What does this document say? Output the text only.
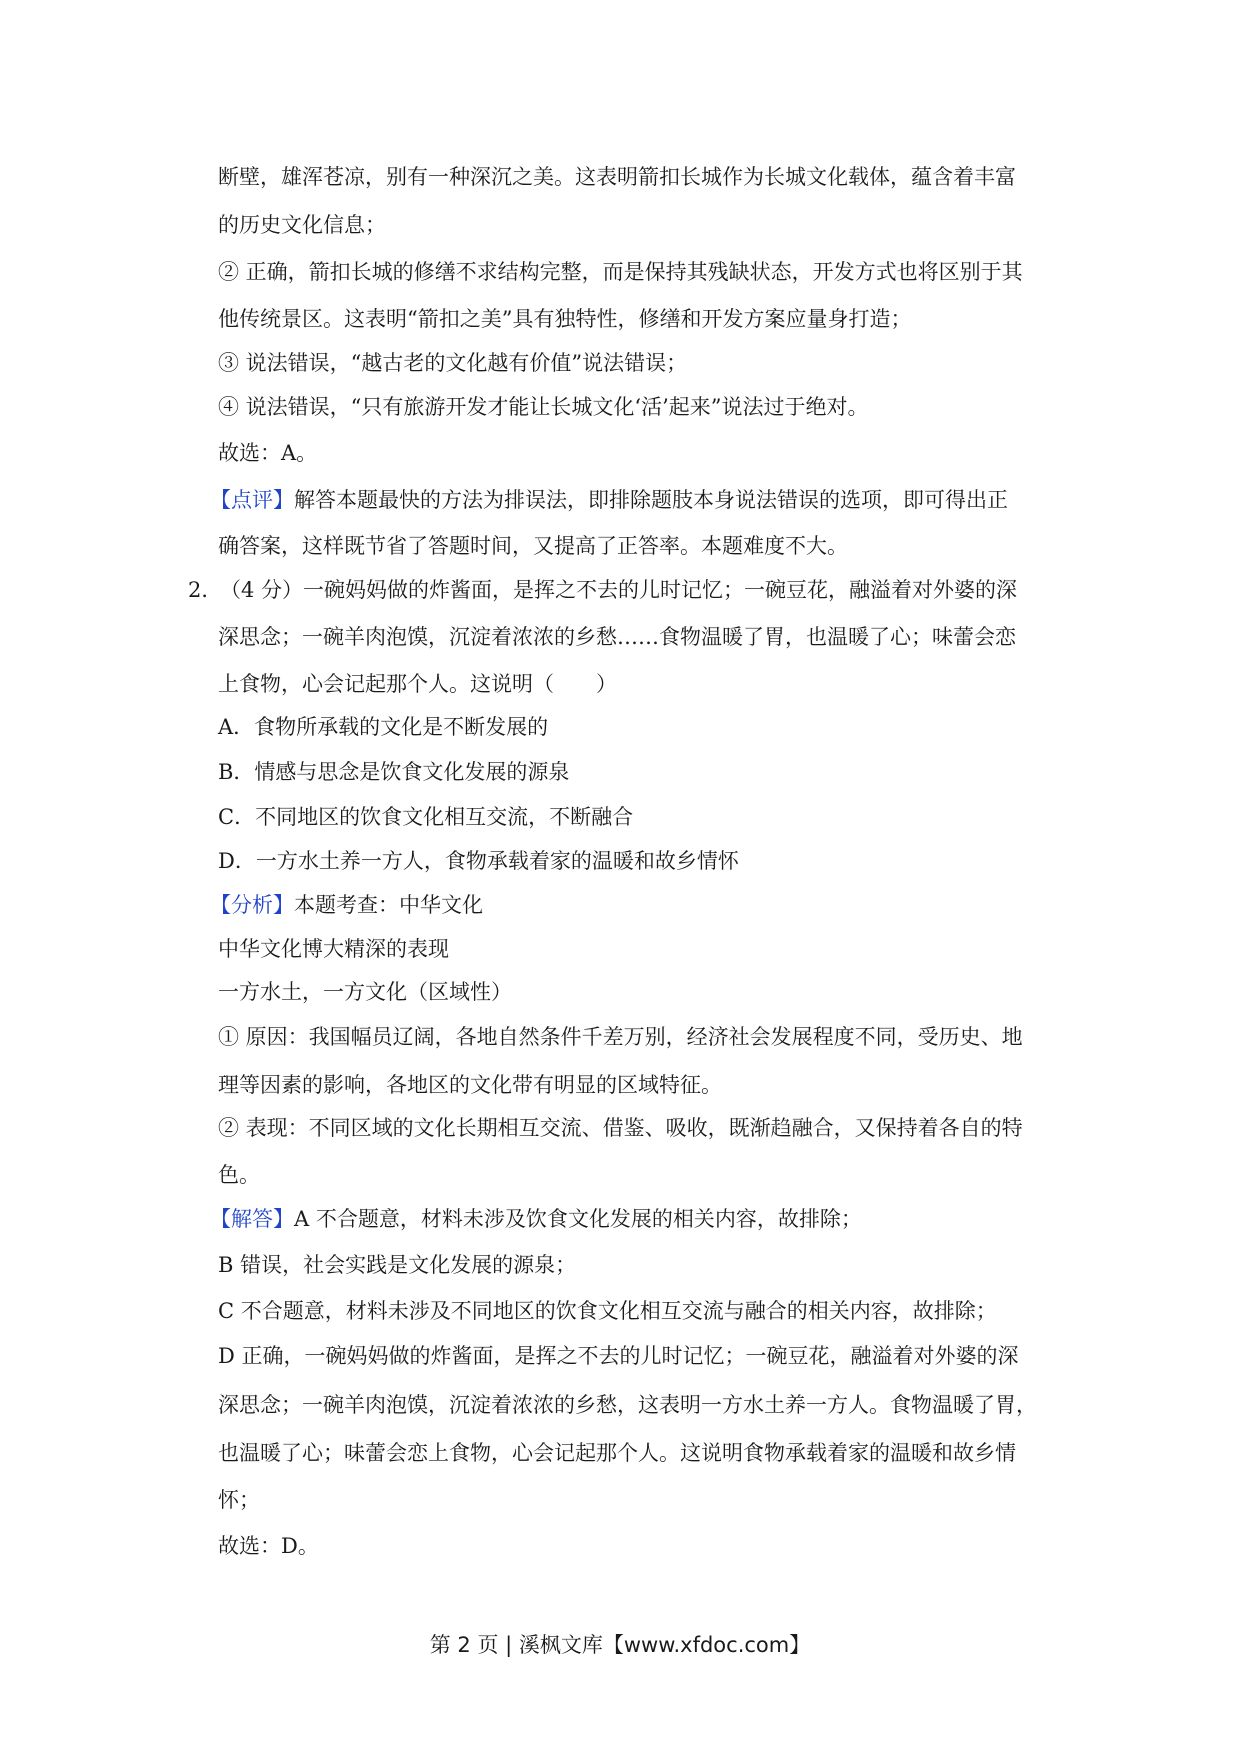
断壁，雄浑苍凉，别有一种深沉之美。这表明箭扣长城作为长城文化载体，蕴含着丰富
的历史文化信息；
② 正确，箭扣长城的修缮不求结构完整，而是保持其残缺状态，开发方式也将区别于其
他传统景区。这表明“箭扣之美”具有独特性，修缮和开发方案应量身打造；
③ 说法错误，“越古老的文化越有价值”说法错误；
④ 说法错误，“只有旅游开发才能让长城文化‘活’起来”说法过于绝对。
故选：A。
【点评】解答本题最快的方法为排误法，即排除题肢本身说法错误的选项，即可得出正
确答案，这样既节省了答题时间，又提高了正答率。本题难度不大。
2．
（4 分）一碗妈妈做的炸酱面，是挥之不去的儿时记忆；一碗豆花，融溢着对外婆的深
深思念；一碗羊肉泡馍，沉淀着浓浓的乡愁……食物温暖了胃，也温暖了心；味蕾会恋
上食物，心会记起那个人。这说明（　　）
A．食物所承载的文化是不断发展的
B．情感与思念是饮食文化发展的源泉
C．不同地区的饮食文化相互交流，不断融合
D．一方水土养一方人，食物承载着家的温暖和故乡情怀
【分析】本题考查：中华文化
中华文化博大精深的表现
一方水土，一方文化（区域性）
① 原因：我国幅员辽阔，各地自然条件千差万别，经济社会发展程度不同，受历史、地
理等因素的影响，各地区的文化带有明显的区域特征。
② 表现：不同区域的文化长期相互交流、借鉴、吸收，既渐趋融合，又保持着各自的特
色。
【解答】A 不合题意，材料未涉及饮食文化发展的相关内容，故排除；
B 错误，社会实践是文化发展的源泉；
C 不合题意，材料未涉及不同地区的饮食文化相互交流与融合的相关内容，故排除；
D 正确，一碗妈妈做的炸酱面，是挥之不去的儿时记忆；一碗豆花，融溢着对外婆的深
深思念；一碗羊肉泡馍，沉淀着浓浓的乡愁，这表明一方水土养一方人。食物温暖了胃，
也温暖了心；味蕾会恋上食物，心会记起那个人。这说明食物承载着家的温暖和故乡情
怀；
故选：D。
第 2 页 | 溪枫文库【www.xfdoc.com】
